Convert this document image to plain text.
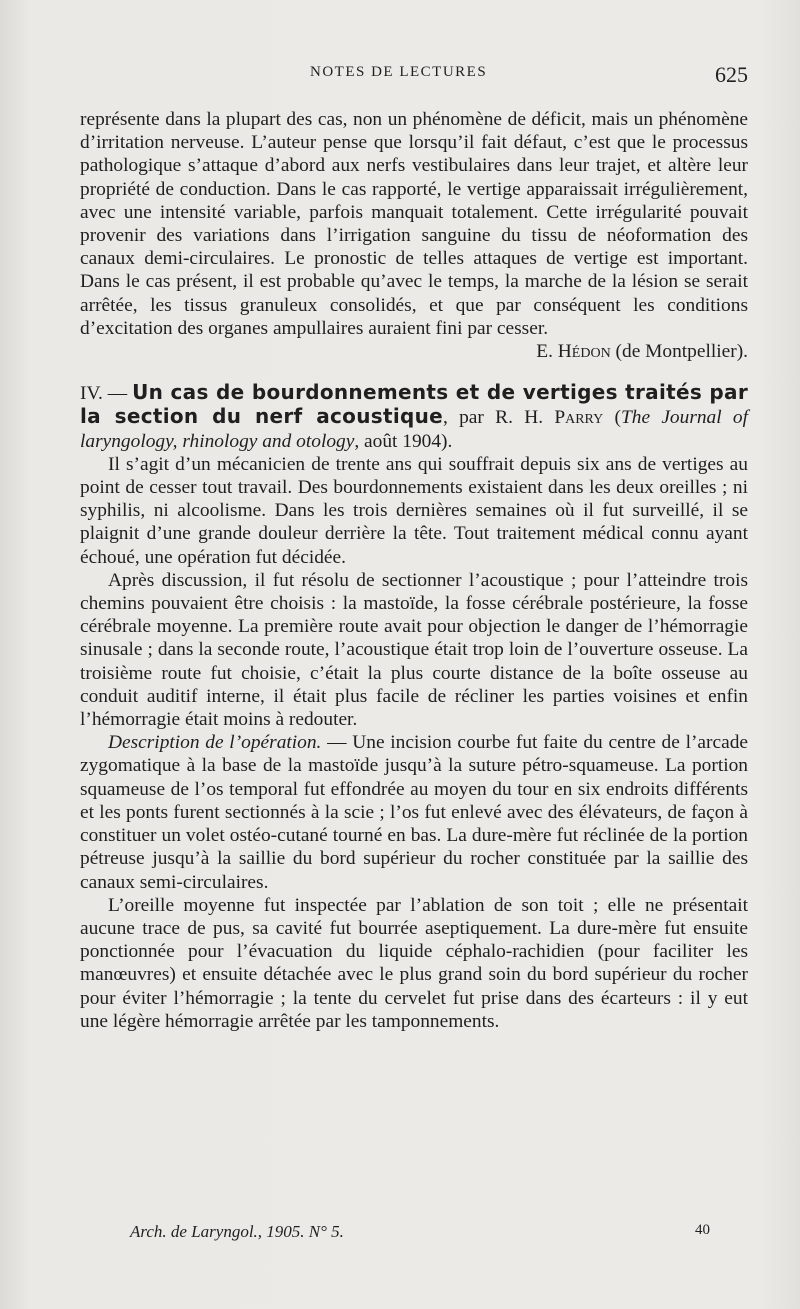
NOTES DE LECTURES	625

représente dans la plupart des cas, non un phénomène de déficit, mais un phénomène d’irritation nerveuse. L’auteur pense que lorsqu’il fait défaut, c’est que le processus pathologique s’attaque d’abord aux nerfs vestibulaires dans leur trajet, et altère leur propriété de conduction. Dans le cas rapporté, le vertige apparaissait irrégulièrement, avec une intensité variable, parfois manquait totalement. Cette irrégularité pouvait provenir des variations dans l’irrigation sanguine du tissu de néoformation des canaux demi-circulaires. Le pronostic de telles attaques de vertige est important. Dans le cas présent, il est probable qu’avec le temps, la marche de la lésion se serait arrêtée, les tissus granuleux consolidés, et que par conséquent les conditions d’excitation des organes ampullaires auraient fini par cesser.

E. Hédon (de Montpellier).

IV. — Un cas de bourdonnements et de vertiges traités par la section du nerf acoustique, par R. H. Parry (The Journal of laryngology, rhinology and otology, août 1904).

Il s’agit d’un mécanicien de trente ans qui souffrait depuis six ans de vertiges au point de cesser tout travail. Des bourdonnements existaient dans les deux oreilles ; ni syphilis, ni alcoolisme. Dans les trois dernières semaines où il fut surveillé, il se plaignit d’une grande douleur derrière la tête. Tout traitement médical connu ayant échoué, une opération fut décidée.

Après discussion, il fut résolu de sectionner l’acoustique ; pour l’atteindre trois chemins pouvaient être choisis : la mastoïde, la fosse cérébrale postérieure, la fosse cérébrale moyenne. La première route avait pour objection le danger de l’hémorragie sinusale ; dans la seconde route, l’acoustique était trop loin de l’ouverture osseuse. La troisième route fut choisie, c’était la plus courte distance de la boîte osseuse au conduit auditif interne, il était plus facile de récliner les parties voisines et enfin l’hémorragie était moins à redouter.

Description de l’opération. — Une incision courbe fut faite du centre de l’arcade zygomatique à la base de la mastoïde jusqu’à la suture pétro-squameuse. La portion squameuse de l’os temporal fut effondrée au moyen du tour en six endroits différents et les ponts furent sectionnés à la scie ; l’os fut enlevé avec des élévateurs, de façon à constituer un volet ostéo-cutané tourné en bas. La dure-mère fut réclinée de la portion pétreuse jusqu’à la saillie du bord supérieur du rocher constituée par la saillie des canaux semi-circulaires.

L’oreille moyenne fut inspectée par l’ablation de son toit ; elle ne présentait aucune trace de pus, sa cavité fut bourrée aseptiquement. La dure-mère fut ensuite ponctionnée pour l’évacuation du liquide céphalo-rachidien (pour faciliter les manœuvres) et ensuite détachée avec le plus grand soin du bord supérieur du rocher pour éviter l’hémorragie ; la tente du cervelet fut prise dans des écarteurs : il y eut une légère hémorragie arrêtée par les tamponnements.

Arch. de Laryngol., 1905. N° 5.	40
